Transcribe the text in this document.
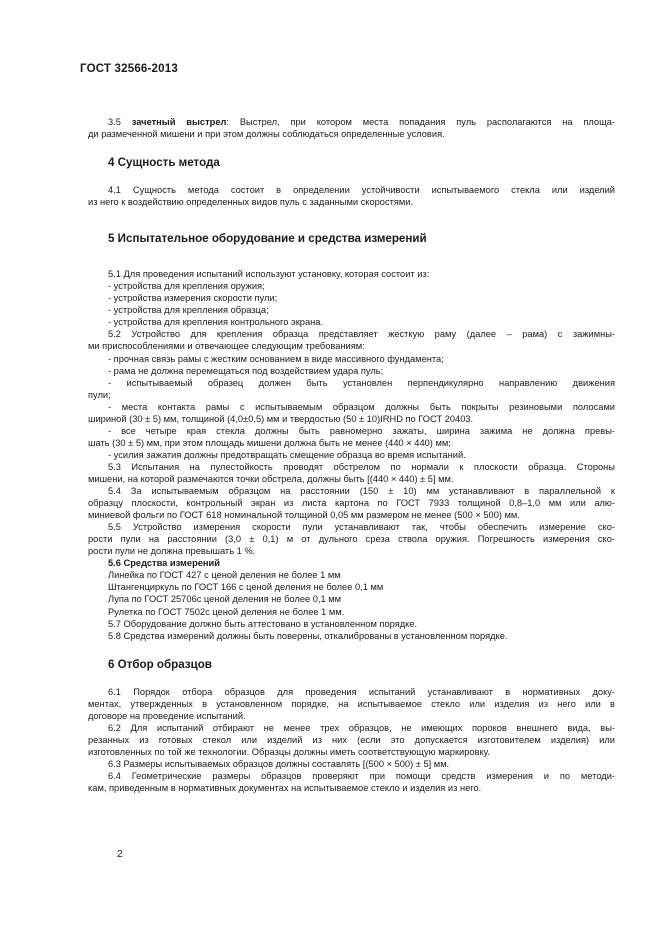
ГОСТ 32566-2013
3.5 зачетный выстрел: Выстрел, при котором места попадания пуль располагаются на площа-
ди размеченной мишени и при этом должны соблюдаться определенные условия.
4 Сущность метода
4.1 Сущность метода состоит в определении устойчивости испытываемого стекла или изделий
из него к воздействию определенных видов пуль с заданными скоростями.
5 Испытательное оборудование и средства измерений
5.1 Для проведения испытаний используют установку, которая состоит из:
- устройства для крепления оружия;
- устройства измерения скорости пули;
- устройства для крепления образца;
- устройства для крепления контрольного экрана.
5.2 Устройство для крепления образца представляет жесткую раму (далее – рама) с зажимны-
ми приспособлениями и отвечающее следующим требованиям:
- прочная связь рамы с жестким основанием в виде массивного фундамента;
- рама не должна перемещаться под воздействием удара пуль;
- испытываемый образец должен быть установлен перпендикулярно направлению движения
пули;
- места контакта рамы с испытываемым образцом должны быть покрыты резиновыми полосами
шириной (30 ± 5) мм, толщиной (4,0±0,5) мм и твердостью (50 ± 10)IRHD по ГОСТ 20403.
- все четыре края стекла должны быть равномерно зажаты, ширина зажима не должна превы-
шать (30 ± 5) мм, при этом площадь мишени должна быть не менее (440 × 440) мм;
- усилия зажатия должны предотвращать смещение образца во время испытаний.
5.3 Испытания на пулестойкость проводят обстрелом по нормали к плоскости образца. Стороны
мишени, на которой размечаются точки обстрела, должны быть [(440 × 440) ± 5] мм.
5.4 За испытываемым образцом на расстоянии (150 ± 10) мм устанавливают в параллельной к
образцу плоскости, контрольный экран из листа картона по ГОСТ 7933 толщиной 0,8–1,0 мм или алю-
миниевой фольги по ГОСТ 618 номинальной толщиной 0,05 мм размером не менее (500 × 500) мм.
5.5 Устройство измерения скорости пули устанавливают так, чтобы обеспечить измерение ско-
рости пули на расстоянии (3,0 ± 0,1) м от дульного среза ствола оружия. Погрешность измерения ско-
рости пули не должна превышать 1 %.
5.6 Средства измерений
Линейка по ГОСТ 427 с ценой деления не более 1 мм
Штангенциркуль по ГОСТ 166 с ценой деления не более 0,1 мм
Лупа по ГОСТ 25706с ценой деления не более 0,1 мм
Рулетка по ГОСТ 7502с ценой деления не более 1 мм.
5.7 Оборудование должно быть аттестовано в установленном порядке.
5.8 Средства измерений должны быть поверены, откалиброваны в установленном порядке.
6 Отбор образцов
6.1 Порядок отбора образцов для проведения испытаний устанавливают в нормативных доку-
ментах, утвержденных в установленном порядке, на испытываемое стекло или изделия из него или в
договоре на проведение испытаний.
6.2 Для испытаний отбирают не менее трех образцов, не имеющих пороков внешнего вида, вы-
резанных из готовых стекол или изделий из них (если это допускается изготовителем изделия) или
изготовленных по той же технологии. Образцы должны иметь соответствующую маркировку.
6.3 Размеры испытываемых образцов должны составлять [(500 × 500) ± 5] мм.
6.4 Геометрические размеры образцов проверяют при помощи средств измерения и по методи-
кам, приведенным в нормативных документах на испытываемое стекло и изделия из него.
2
